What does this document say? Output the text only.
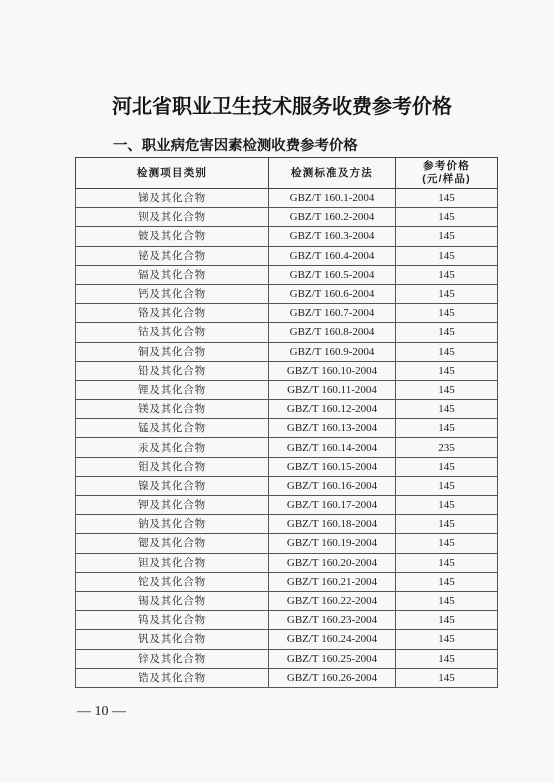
河北省职业卫生技术服务收费参考价格
一、职业病危害因素检测收费参考价格
检测项目类别	检测标准及方法	参考价格
(元/样品)

锑及其化合物	GBZ/T 160.1-2004	145
钡及其化合物	GBZ/T 160.2-2004	145
铍及其化合物	GBZ/T 160.3-2004	145
铋及其化合物	GBZ/T 160.4-2004	145
镉及其化合物	GBZ/T 160.5-2004	145
钙及其化合物	GBZ/T 160.6-2004	145
铬及其化合物	GBZ/T 160.7-2004	145
钴及其化合物	GBZ/T 160.8-2004	145
铜及其化合物	GBZ/T 160.9-2004	145
铅及其化合物	GBZ/T 160.10-2004	145
锂及其化合物	GBZ/T 160.11-2004	145
镁及其化合物	GBZ/T 160.12-2004	145
锰及其化合物	GBZ/T 160.13-2004	145
汞及其化合物	GBZ/T 160.14-2004	235
钼及其化合物	GBZ/T 160.15-2004	145
镍及其化合物	GBZ/T 160.16-2004	145
钾及其化合物	GBZ/T 160.17-2004	145
钠及其化合物	GBZ/T 160.18-2004	145
锶及其化合物	GBZ/T 160.19-2004	145
钽及其化合物	GBZ/T 160.20-2004	145
铊及其化合物	GBZ/T 160.21-2004	145
锡及其化合物	GBZ/T 160.22-2004	145
钨及其化合物	GBZ/T 160.23-2004	145
钒及其化合物	GBZ/T 160.24-2004	145
锌及其化合物	GBZ/T 160.25-2004	145
锆及其化合物	GBZ/T 160.26-2004	145
— 10 —
